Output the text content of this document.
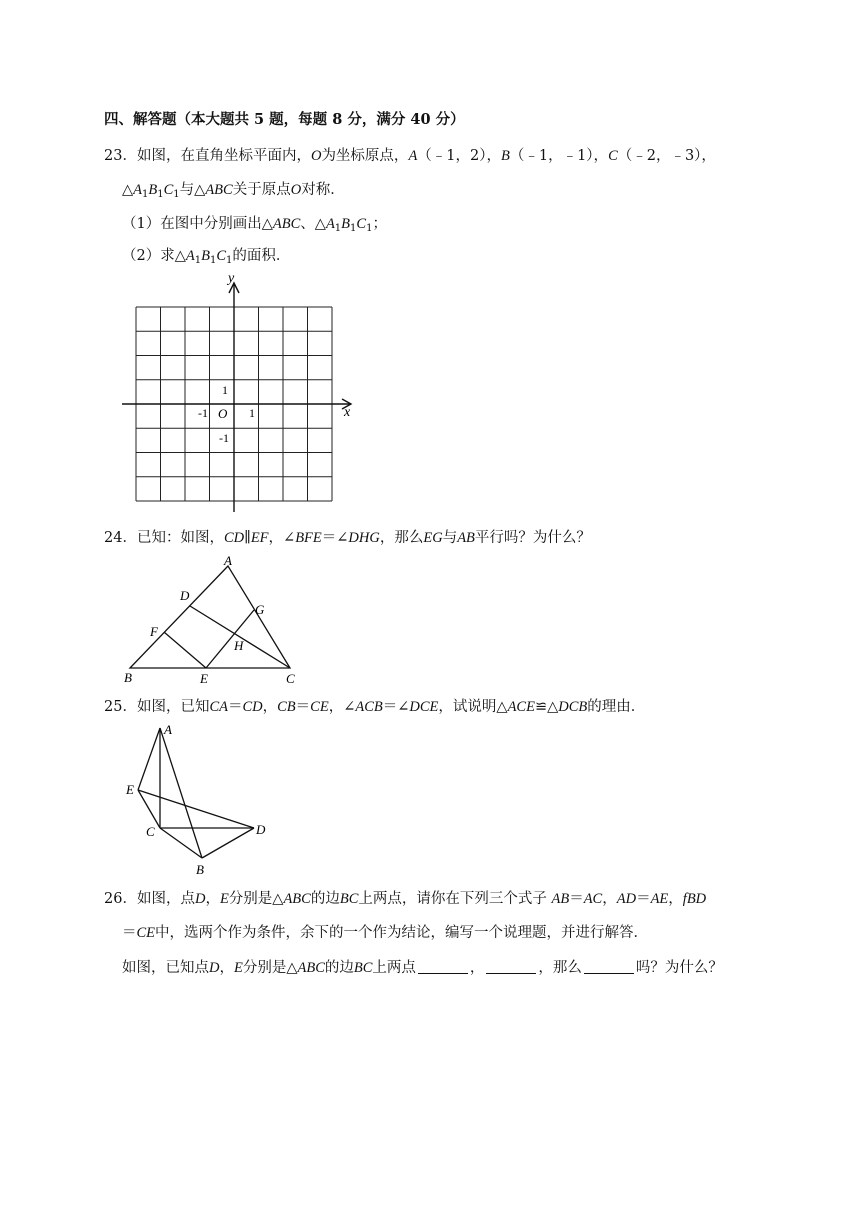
四、解答题（本大题共 5 题，每题 8 分，满分 40 分）
23．如图，在直角坐标平面内，O为坐标原点，A（﹣1，2），B（﹣1，﹣1），C（﹣2，﹣3），
$\triangle A_1B_1C_1$与△ABC关于原点O对称．
（1）在图中分别画出△ABC、$\triangle A_1B_1C_1$；
（2）求$\triangle A_1B_1C_1$的面积．
y
x
1
-1 O 1
-1
24．已知：如图，CD∥EF，∠BFE＝∠DHG，那么EG与AB平行吗？为什么？
A
D
G
F
H
B	E	C
25．如图，已知CA＝CD，CB＝CE，∠ACB＝∠DCE，试说明△ACE≌△DCB的理由．
A
E
C	D
B
26．如图，点D，E分别是△ABC的边BC上两点，请你在下列三个式子 AB＝AC，AD＝AE，fBD
＝CE中，选两个作为条件，余下的一个作为结论，编写一个说理题，并进行解答．
如图，已知点D，E分别是△ABC的边BC上两点	，	，那么	吗？为什么？
